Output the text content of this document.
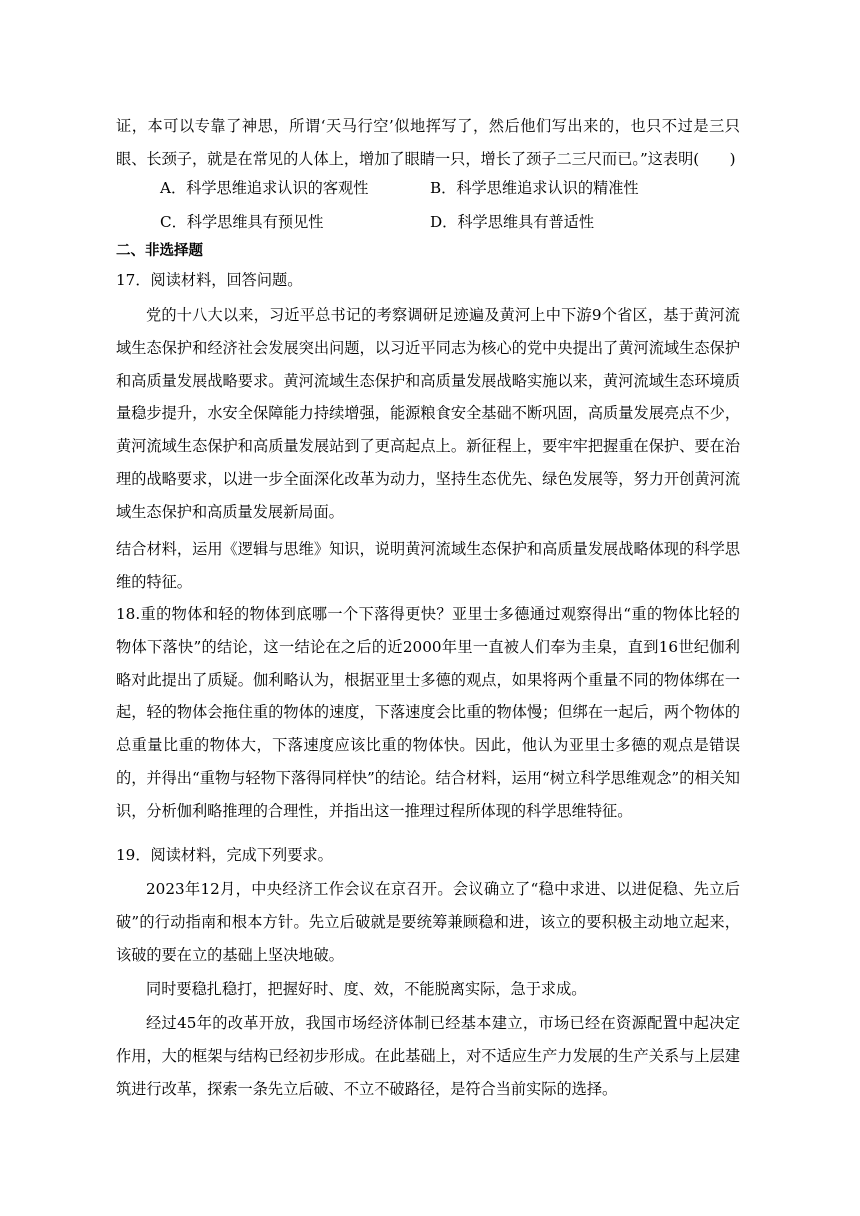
证，本可以专靠了神思，所谓‘天马行空’似地挥写了，然后他们写出来的，也只不过是三只眼、长颈子，就是在常见的人体上，增加了眼睛一只，增长了颈子二三尺而已。”这表明(　　)

A．科学思维追求认识的客观性	B．科学思维追求认识的精准性
C．科学思维具有预见性	D．科学思维具有普适性
二、非选择题
17．阅读材料，回答问题。

党的十八大以来，习近平总书记的考察调研足迹遍及黄河上中下游9个省区，基于黄河流域生态保护和经济社会发展突出问题，以习近平同志为核心的党中央提出了黄河流域生态保护和高质量发展战略要求。黄河流域生态保护和高质量发展战略实施以来，黄河流域生态环境质量稳步提升，水安全保障能力持续增强，能源粮食安全基础不断巩固，高质量发展亮点不少，黄河流域生态保护和高质量发展站到了更高起点上。新征程上，要牢牢把握重在保护、要在治理的战略要求，以进一步全面深化改革为动力，坚持生态优先、绿色发展等，努力开创黄河流域生态保护和高质量发展新局面。

结合材料，运用《逻辑与思维》知识，说明黄河流域生态保护和高质量发展战略体现的科学思维的特征。

18.重的物体和轻的物体到底哪一个下落得更快？亚里士多德通过观察得出“重的物体比轻的物体下落快”的结论，这一结论在之后的近2000年里一直被人们奉为圭臬，直到16世纪伽利略对此提出了质疑。伽利略认为，根据亚里士多德的观点，如果将两个重量不同的物体绑在一起，轻的物体会拖住重的物体的速度，下落速度会比重的物体慢；但绑在一起后，两个物体的总重量比重的物体大，下落速度应该比重的物体快。因此，他认为亚里士多德的观点是错误的，并得出“重物与轻物下落得同样快”的结论。结合材料，运用“树立科学思维观念”的相关知识，分析伽利略推理的合理性，并指出这一推理过程所体现的科学思维特征。

19．阅读材料，完成下列要求。

2023年12月，中央经济工作会议在京召开。会议确立了“稳中求进、以进促稳、先立后破”的行动指南和根本方针。先立后破就是要统筹兼顾稳和进，该立的要积极主动地立起来，该破的要在立的基础上坚决地破。

同时要稳扎稳打，把握好时、度、效，不能脱离实际，急于求成。

经过45年的改革开放，我国市场经济体制已经基本建立，市场已经在资源配置中起决定作用，大的框架与结构已经初步形成。在此基础上，对不适应生产力发展的生产关系与上层建筑进行改革，探索一条先立后破、不立不破路径，是符合当前实际的选择。
